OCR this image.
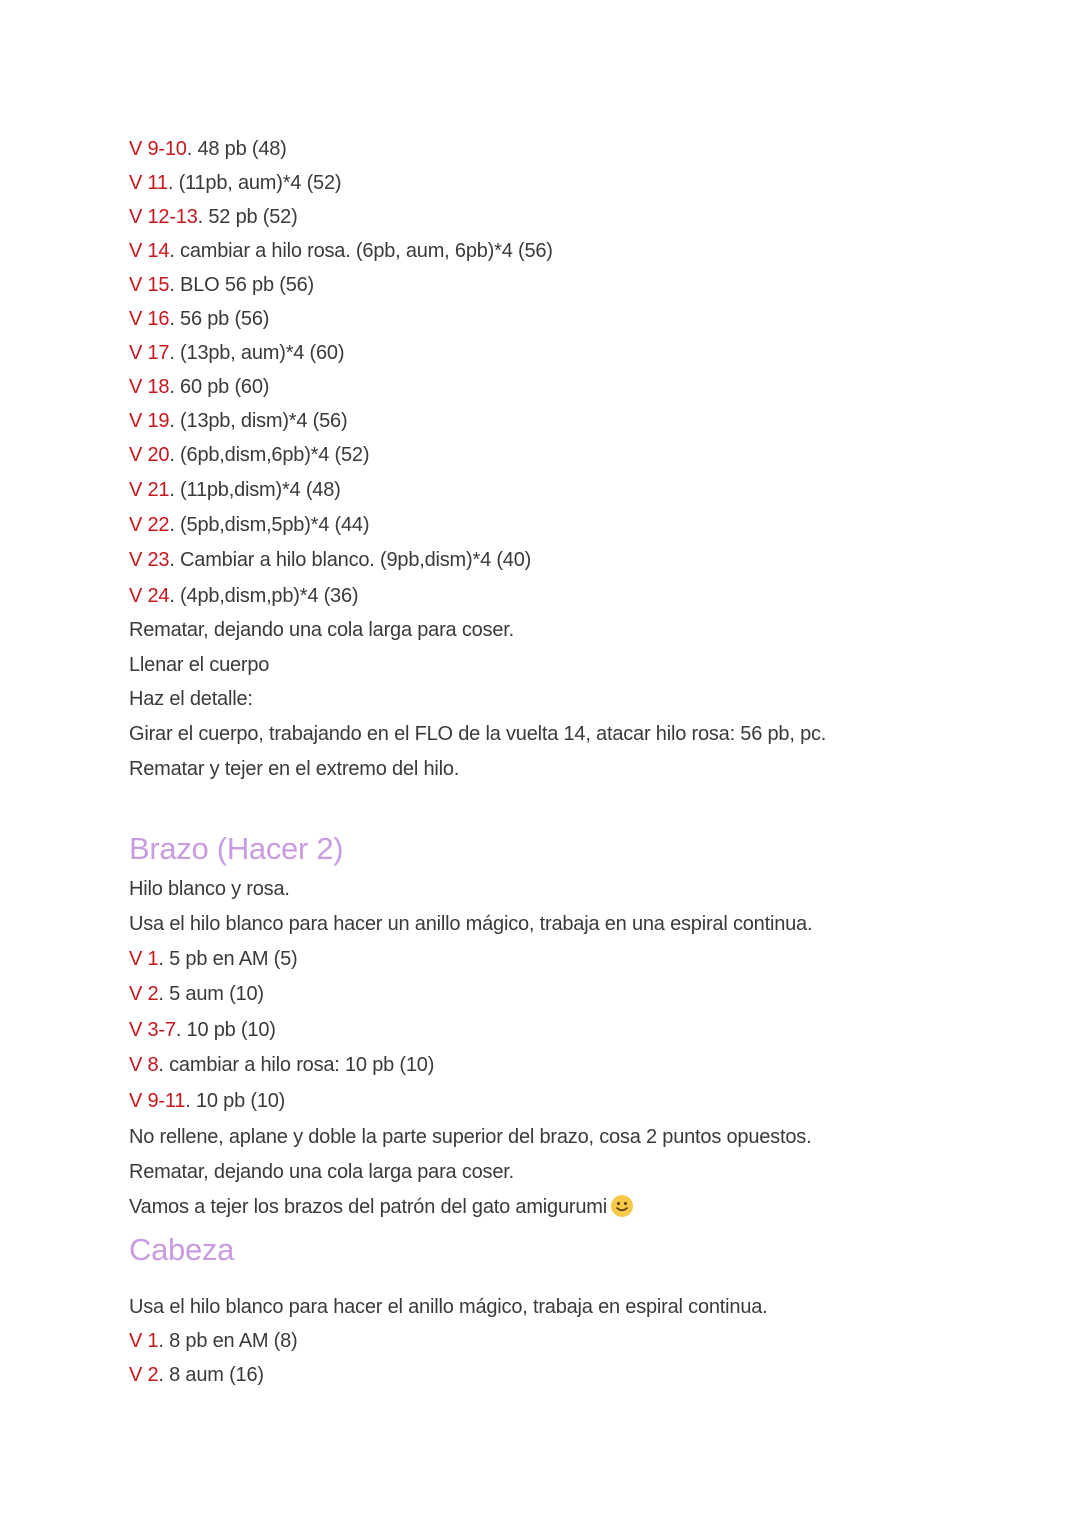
V 9-10. 48 pb (48)
V 11. (11pb, aum)*4 (52)
V 12-13. 52 pb (52)
V 14. cambiar a hilo rosa. (6pb, aum, 6pb)*4 (56)
V 15. BLO 56 pb (56)
V 16. 56 pb (56)
V 17. (13pb, aum)*4 (60)
V 18. 60 pb (60)
V 19. (13pb, dism)*4 (56)
V 20. (6pb,dism,6pb)*4 (52)
V 21. (11pb,dism)*4 (48)
V 22. (5pb,dism,5pb)*4 (44)
V 23. Cambiar a hilo blanco. (9pb,dism)*4 (40)
V 24. (4pb,dism,pb)*4 (36)
Rematar, dejando una cola larga para coser.
Llenar el cuerpo
Haz el detalle:
Girar el cuerpo, trabajando en el FLO de la vuelta 14, atacar hilo rosa: 56 pb, pc.
Rematar y tejer en el extremo del hilo.
Brazo (Hacer 2)
Hilo blanco y rosa.
Usa el hilo blanco para hacer un anillo mágico, trabaja en una espiral continua.
V 1. 5 pb en AM (5)
V 2. 5 aum (10)
V 3-7. 10 pb (10)
V 8. cambiar a hilo rosa: 10 pb (10)
V 9-11. 10 pb (10)
No rellene, aplane y doble la parte superior del brazo, cosa 2 puntos opuestos.
Rematar, dejando una cola larga para coser.
Vamos a tejer los brazos del patrón del gato amigurumi
Cabeza
Usa el hilo blanco para hacer el anillo mágico, trabaja en espiral continua.
V 1. 8 pb en AM (8)
V 2. 8 aum (16)
